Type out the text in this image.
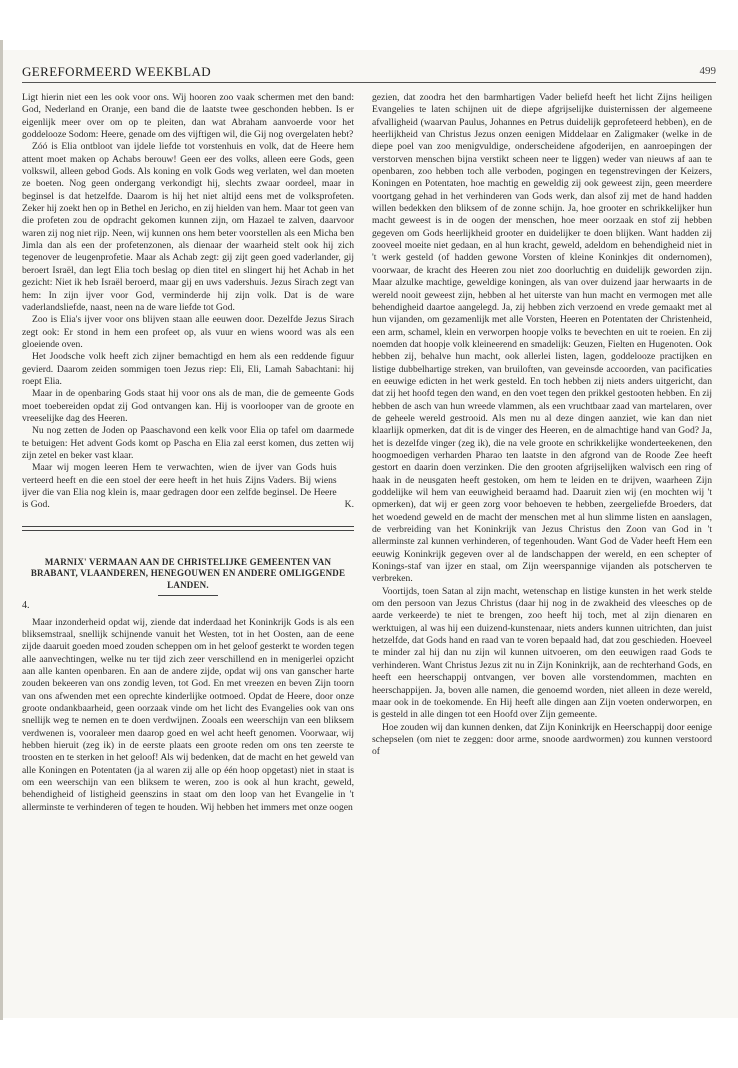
GEREFORMEERD WEEKBLAD	499

Ligt hierin niet een les ook voor ons. Wij hooren zoo vaak schermen met den band: God, Nederland en Oranje, een band die de laatste twee geschonden hebben. Is er eigenlijk meer over om op te pleiten, dan wat Abraham aanvoerde voor het goddelooze Sodom: Heere, genade om des vijftigen wil, die Gij nog overgelaten hebt?

Zóó is Elia ontbloot van ijdele liefde tot vorstenhuis en volk, dat de Heere hem attent moet maken op Achabs berouw! Geen eer des volks, alleen eere Gods, geen volkswil, alleen gebod Gods. Als koning en volk Gods weg verlaten, wel dan moeten ze boeten. Nog geen ondergang verkondigt hij, slechts zwaar oordeel, maar in beginsel is dat hetzelfde. Daarom is hij het niet altijd eens met de volksprofeten. Zeker hij zoekt hen op in Bethel en Jericho, en zij hielden van hem. Maar tot geen van die profeten zou de opdracht gekomen kunnen zijn, om Hazael te zalven, daarvoor waren zij nog niet rijp. Neen, wij kunnen ons hem beter voorstellen als een Micha ben Jimla dan als een der profetenzonen, als dienaar der waarheid stelt ook hij zich tegenover de leugenprofetie. Maar als Achab zegt: gij zijt geen goed vaderlander, gij beroert Israël, dan legt Elia toch beslag op dien titel en slingert hij het Achab in het gezicht: Niet ik heb Israël beroerd, maar gij en uws vadershuis. Jezus Sirach zegt van hem: In zijn ijver voor God, verminderde hij zijn volk. Dat is de ware vaderlandsliefde, naast, neen na de ware liefde tot God.

Zoo is Elia's ijver voor ons blijven staan alle eeuwen door. Dezelfde Jezus Sirach zegt ook: Er stond in hem een profeet op, als vuur en wiens woord was als een gloeiende oven.

Het Joodsche volk heeft zich zijner bemachtigd en hem als een reddende figuur gevierd. Daarom zeiden sommigen toen Jezus riep: Eli, Eli, Lamah Sabachtani: hij roept Elia.

Maar in de openbaring Gods staat hij voor ons als de man, die de gemeente Gods moet toebereiden opdat zij God ontvangen kan. Hij is voorlooper van de groote en vreeselijke dag des Heeren.

Nu nog zetten de Joden op Paaschavond een kelk voor Elia op tafel om daarmede te betuigen: Het advent Gods komt op Pascha en Elia zal eerst komen, dus zetten wij zijn zetel en beker vast klaar.

Maar wij mogen leeren Hem te verwachten, wien de ijver van Gods huis verteerd heeft en die een stoel der eere heeft in het huis Zijns Vaders. Bij wiens ijver die van Elia nog klein is, maar gedragen door een zelfde beginsel. De Heere is God.	K.
MARNIX' VERMAAN AAN DE CHRISTELIJKE GEMEENTEN VAN BRABANT, VLAANDEREN, HENEGOUWEN EN ANDERE OMLIGGENDE LANDEN.
4.

Maar inzonderheid opdat wij, ziende dat inderdaad het Koninkrijk Gods is als een bliksemstraal, snellijk schijnende vanuit het Westen, tot in het Oosten, aan de eene zijde daaruit goeden moed zouden scheppen om in het geloof gesterkt te worden tegen alle aanvechtingen, welke nu ter tijd zich zeer verschillend en in menigerlei opzicht aan alle kanten openbaren. En aan de andere zijde, opdat wij ons van ganscher harte zouden bekeeren van ons zondig leven, tot God. En met vreezen en beven Zijn toorn van ons afwenden met een oprechte kinderlijke ootmoed. Opdat de Heere, door onze groote ondankbaarheid, geen oorzaak vinde om het licht des Evangelies ook van ons snellijk weg te nemen en te doen verdwijnen. Zooals een weerschijn van een bliksem verdwenen is, vooraleer men daarop goed en wel acht heeft genomen. Voorwaar, wij hebben hieruit (zeg ik) in de eerste plaats een groote reden om ons ten zeerste te troosten en te sterken in het geloof! Als wij bedenken, dat de macht en het geweld van alle Koningen en Potentaten (ja al waren zij alle op één hoop opgetast) niet in staat is om een weerschijn van een bliksem te weren, zoo is ook al hun kracht, geweld, behendigheid of listigheid geenszins in staat om den loop van het Evangelie in 't allerminste te verhinderen of tegen te houden. Wij hebben het immers met onze oogen

gezien, dat zoodra het den barmhartigen Vader beliefd heeft het licht Zijns heiligen Evangelies te laten schijnen uit de diepe afgrijselijke duisternissen der algemeene afvalligheid (waarvan Paulus, Johannes en Petrus duidelijk geprofeteerd hebben), en de heerlijkheid van Christus Jezus onzen eenigen Middelaar en Zaligmaker (welke in de diepe poel van zoo menigvuldige, onderscheidene afgoderijen, en aanroepingen der verstorven menschen bijna verstikt scheen neer te liggen) weder van nieuws af aan te openbaren, zoo hebben toch alle verboden, pogingen en tegenstrevingen der Keizers, Koningen en Potentaten, hoe machtig en geweldig zij ook geweest zijn, geen meerdere voortgang gehad in het verhinderen van Gods werk, dan alsof zij met de hand hadden willen bedekken den bliksem of de zonne schijn. Ja, hoe grooter en schrikkelijker hun macht geweest is in de oogen der menschen, hoe meer oorzaak en stof zij hebben gegeven om Gods heerlijkheid grooter en duidelijker te doen blijken. Want hadden zij zooveel moeite niet gedaan, en al hun kracht, geweld, adeldom en behendigheid niet in 't werk gesteld (of hadden gewone Vorsten of kleine Koninkjes dit ondernomen), voorwaar, de kracht des Heeren zou niet zoo doorluchtig en duidelijk geworden zijn. Maar alzulke machtige, geweldige koningen, als van over duizend jaar herwaarts in de wereld nooit geweest zijn, hebben al het uiterste van hun macht en vermogen met alle behendigheid daartoe aangelegd. Ja, zij hebben zich verzoend en vrede gemaakt met al hun vijanden, om gezamenlijk met alle Vorsten, Heeren en Potentaten der Christenheid, een arm, schamel, klein en verworpen hoopje volks te bevechten en uit te roeien. En zij noemden dat hoopje volk kleineerend en smadelijk: Geuzen, Fielten en Hugenoten. Ook hebben zij, behalve hun macht, ook allerlei listen, lagen, goddelooze practijken en listige dubbelhartige streken, van bruiloften, van geveinsde accoorden, van pacificaties en eeuwige edicten in het werk gesteld. En toch hebben zij niets anders uitgericht, dan dat zij het hoofd tegen den wand, en den voet tegen den prikkel gestooten hebben. En zij hebben de asch van hun wreede vlammen, als een vruchtbaar zaad van martelaren, over de geheele wereld gestrooid. Als men nu al deze dingen aanziet, wie kan dan niet klaarlijk opmerken, dat dit is de vinger des Heeren, en de almachtige hand van God? Ja, het is dezelfde vinger (zeg ik), die na vele groote en schrikkelijke wonderteekenen, den hoogmoedigen verharden Pharao ten laatste in den afgrond van de Roode Zee heeft gestort en daarin doen verzinken. Die den grooten afgrijselijken walvisch een ring of haak in de neusgaten heeft gestoken, om hem te leiden en te drijven, waarheen Zijn goddelijke wil hem van eeuwigheid beraamd had. Daaruit zien wij (en mochten wij 't opmerken), dat wij er geen zorg voor behoeven te hebben, zeergeliefde Broeders, dat het woedend geweld en de macht der menschen met al hun slimme listen en aanslagen, de verbreiding van het Koninkrijk van Jezus Christus den Zoon van God in 't allerminste zal kunnen verhinderen, of tegenhouden. Want God de Vader heeft Hem een eeuwig Koninkrijk gegeven over al de landschappen der wereld, en een schepter of Konings-staf van ijzer en staal, om Zijn weerspannige vijanden als potscherven te verbreken.

Voortijds, toen Satan al zijn macht, wetenschap en listige kunsten in het werk stelde om den persoon van Jezus Christus (daar hij nog in de zwakheid des vleesches op de aarde verkeerde) te niet te brengen, zoo heeft hij toch, met al zijn dienaren en werktuigen, al was hij een duizend-kunstenaar, niets anders kunnen uitrichten, dan juist hetzelfde, dat Gods hand en raad van te voren bepaald had, dat zou geschieden. Hoeveel te minder zal hij dan nu zijn wil kunnen uitvoeren, om den eeuwigen raad Gods te verhinderen. Want Christus Jezus zit nu in Zijn Koninkrijk, aan de rechterhand Gods, en heeft een heerschappij ontvangen, ver boven alle vorstendommen, machten en heerschappijen. Ja, boven alle namen, die genoemd worden, niet alleen in deze wereld, maar ook in de toekomende. En Hij heeft alle dingen aan Zijn voeten onderworpen, en is gesteld in alle dingen tot een Hoofd over Zijn gemeente.

Hoe zouden wij dan kunnen denken, dat Zijn Koninkrijk en Heerschappij door eenige schepselen (om niet te zeggen: door arme, snoode aardwormen) zou kunnen verstoord of
